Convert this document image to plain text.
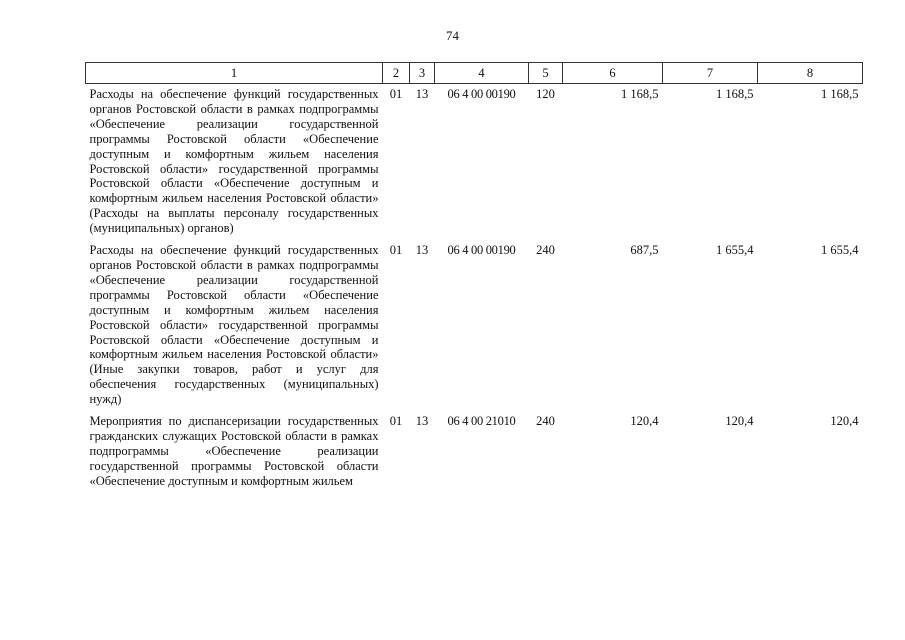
74
1	2	3	4	5	6	7	8
Расходы на обеспечение функций государственных органов Ростовской области в рамках подпрограммы «Обеспечение реализации государственной программы Ростовской области «Обеспечение доступным и комфортным жильем населения Ростовской области» государственной программы Ростовской области «Обеспечение доступным и комфортным жильем населения Ростовской области» (Расходы на выплаты персоналу государственных (муниципальных) органов)	01	13	06 4 00 00190	120	1 168,5	1 168,5	1 168,5
Расходы на обеспечение функций государственных органов Ростовской области в рамках подпрограммы «Обеспечение реализации государственной программы Ростовской области «Обеспечение доступным и комфортным жильем населения Ростовской области» государственной программы Ростовской области «Обеспечение доступным и комфортным жильем населения Ростовской области» (Иные закупки товаров, работ и услуг для обеспечения государственных (муниципальных) нужд)	01	13	06 4 00 00190	240	687,5	1 655,4	1 655,4
Мероприятия по диспансеризации государственных гражданских служащих Ростовской области в рамках подпрограммы «Обеспечение реализации государственной программы Ростовской области «Обеспечение доступным и комфортным жильем	01	13	06 4 00 21010	240	120,4	120,4	120,4
